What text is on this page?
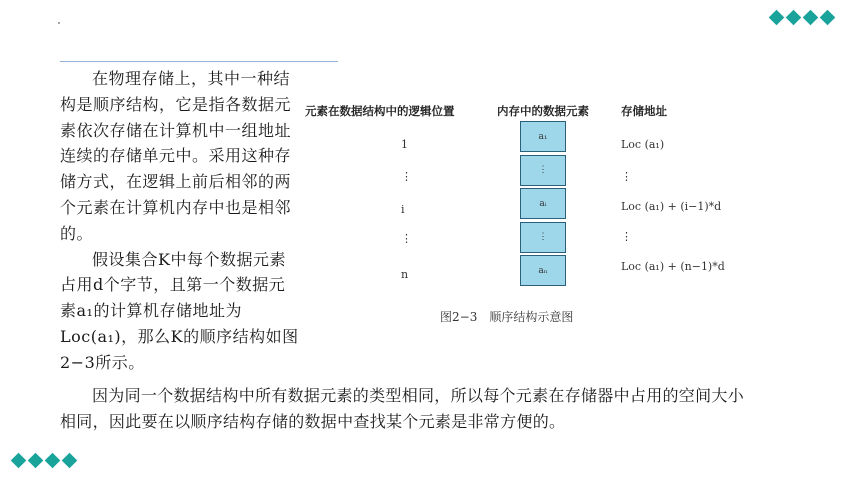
在物理存储上，其中一种结构是顺序结构，它是指各数据元素依次存储在计算机中一组地址连续的存储单元中。采用这种存储方式，在逻辑上前后相邻的两个元素在计算机内存中也是相邻的。

假设集合K中每个数据元素占用d个字节，且第一个数据元素a₁的计算机存储地址为Loc(a₁)，那么K的顺序结构如图2−3所示。

元素在数据结构中的逻辑位置	内存中的数据元素	存储地址
1
⋮
i
⋮
n
a₁
⋮
aᵢ
⋮
aₙ
Loc (a₁)
⋮
Loc (a₁) + (i−1)*d
⋮
Loc (a₁) + (n−1)*d
图2−3　顺序结构示意图

因为同一个数据结构中所有数据元素的类型相同，所以每个元素在存储器中占用的空间大小相同，因此要在以顺序结构存储的数据中查找某个元素是非常方便的。
